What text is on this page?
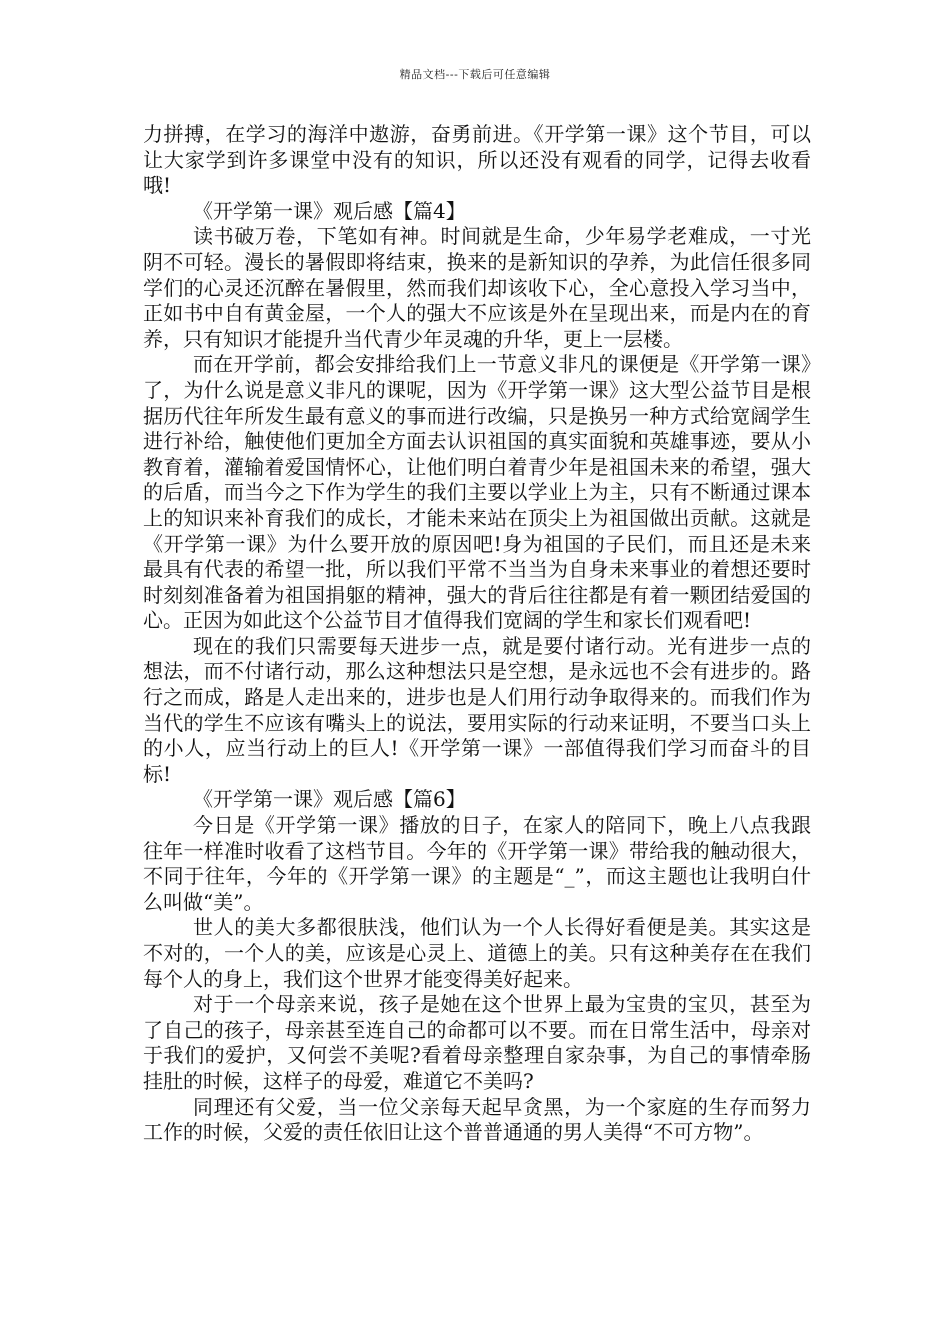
精品文档---下载后可任意编辑

力拼搏，在学习的海洋中遨游，奋勇前进。《开学第一课》这个节目，可以让大家学到许多课堂中没有的知识，所以还没有观看的同学，记得去收看哦!

《开学第一课》观后感【篇4】

读书破万卷，下笔如有神。时间就是生命，少年易学老难成，一寸光阴不可轻。漫长的暑假即将结束，换来的是新知识的孕养，为此信任很多同学们的心灵还沉醉在暑假里，然而我们却该收下心，全心意投入学习当中，正如书中自有黄金屋，一个人的强大不应该是外在呈现出来，而是内在的育养，只有知识才能提升当代青少年灵魂的升华，更上一层楼。

而在开学前，都会安排给我们上一节意义非凡的课便是《开学第一课》了，为什么说是意义非凡的课呢，因为《开学第一课》这大型公益节目是根据历代往年所发生最有意义的事而进行改编，只是换另一种方式给宽阔学生进行补给，触使他们更加全方面去认识祖国的真实面貌和英雄事迹，要从小教育着，灌输着爱国情怀心，让他们明白着青少年是祖国未来的希望，强大的后盾，而当今之下作为学生的我们主要以学业上为主，只有不断通过课本上的知识来补育我们的成长，才能未来站在顶尖上为祖国做出贡献。这就是《开学第一课》为什么要开放的原因吧!身为祖国的子民们，而且还是未来最具有代表的希望一批，所以我们平常不当当为自身未来事业的着想还要时时刻刻准备着为祖国捐躯的精神，强大的背后往往都是有着一颗团结爱国的心。正因为如此这个公益节目才值得我们宽阔的学生和家长们观看吧!

现在的我们只需要每天进步一点，就是要付诸行动。光有进步一点的想法，而不付诸行动，那么这种想法只是空想，是永远也不会有进步的。路行之而成，路是人走出来的，进步也是人们用行动争取得来的。而我们作为当代的学生不应该有嘴头上的说法，要用实际的行动来证明，不要当口头上的小人，应当行动上的巨人!《开学第一课》一部值得我们学习而奋斗的目标!

《开学第一课》观后感【篇6】

今日是《开学第一课》播放的日子，在家人的陪同下，晚上八点我跟往年一样准时收看了这档节目。今年的《开学第一课》带给我的触动很大，不同于往年，今年的《开学第一课》的主题是“_”，而这主题也让我明白什么叫做“美”。

世人的美大多都很肤浅，他们认为一个人长得好看便是美。其实这是不对的，一个人的美，应该是心灵上、道德上的美。只有这种美存在在我们每个人的身上，我们这个世界才能变得美好起来。

对于一个母亲来说，孩子是她在这个世界上最为宝贵的宝贝，甚至为了自己的孩子，母亲甚至连自己的命都可以不要。而在日常生活中，母亲对于我们的爱护，又何尝不美呢?看着母亲整理自家杂事，为自己的事情牵肠挂肚的时候，这样子的母爱，难道它不美吗?

同理还有父爱，当一位父亲每天起早贪黑，为一个家庭的生存而努力工作的时候，父爱的责任依旧让这个普普通通的男人美得“不可方物”。
